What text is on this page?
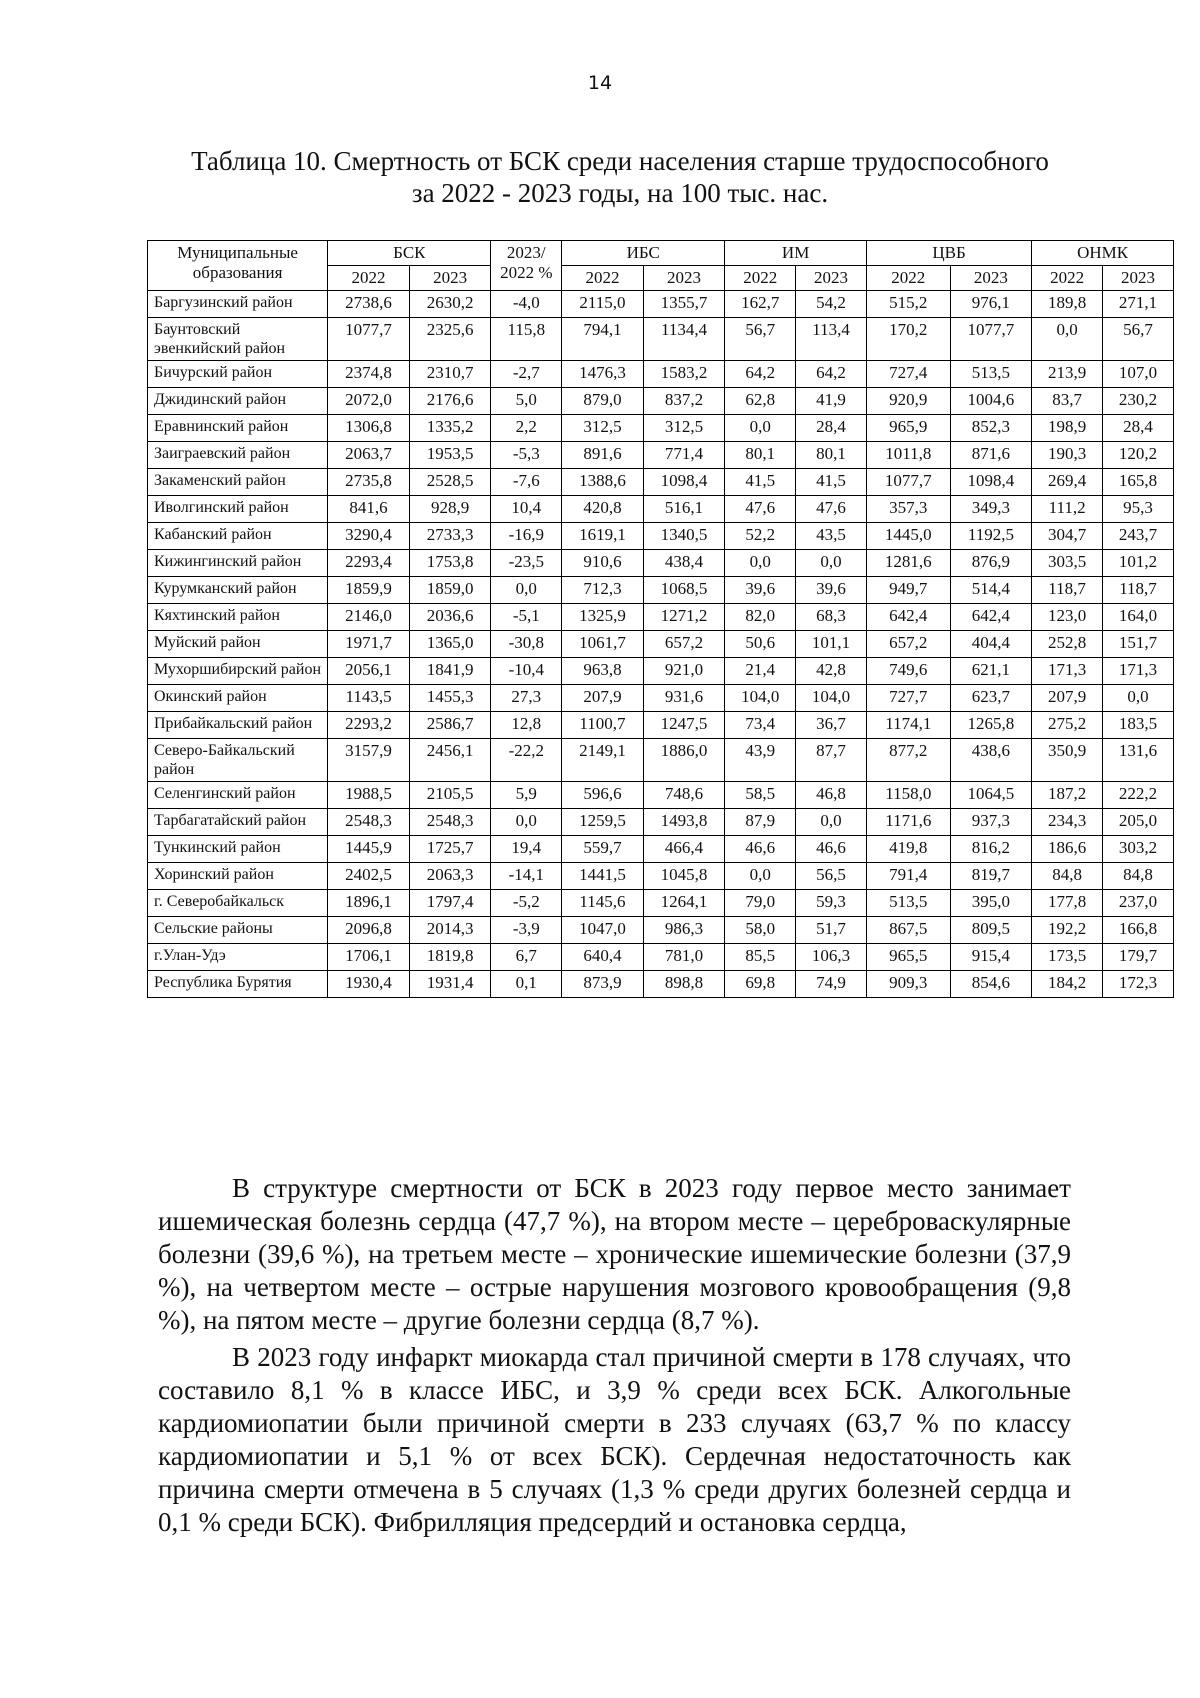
14
Таблица 10. Смертность от БСК среди населения старше трудоспособного
за 2022 - 2023 годы, на 100 тыс. нас.
Муниципальные образования	БСК		2023/ 2022 %	ИБС		ИМ		ЦВБ		ОНМК	
	2022	2023		2022	2023	2022	2023	2022	2023	2022	2023
Баргузинский район	2738,6	2630,2	-4,0	2115,0	1355,7	162,7	54,2	515,2	976,1	189,8	271,1
Баунтовский эвенкийский район	1077,7	2325,6	115,8	794,1	1134,4	56,7	113,4	170,2	1077,7	0,0	56,7
Бичурский район	2374,8	2310,7	-2,7	1476,3	1583,2	64,2	64,2	727,4	513,5	213,9	107,0
Джидинский район	2072,0	2176,6	5,0	879,0	837,2	62,8	41,9	920,9	1004,6	83,7	230,2
Еравнинский район	1306,8	1335,2	2,2	312,5	312,5	0,0	28,4	965,9	852,3	198,9	28,4
Заиграевский район	2063,7	1953,5	-5,3	891,6	771,4	80,1	80,1	1011,8	871,6	190,3	120,2
Закаменский район	2735,8	2528,5	-7,6	1388,6	1098,4	41,5	41,5	1077,7	1098,4	269,4	165,8
Иволгинский район	841,6	928,9	10,4	420,8	516,1	47,6	47,6	357,3	349,3	111,2	95,3
Кабанский район	3290,4	2733,3	-16,9	1619,1	1340,5	52,2	43,5	1445,0	1192,5	304,7	243,7
Кижингинский район	2293,4	1753,8	-23,5	910,6	438,4	0,0	0,0	1281,6	876,9	303,5	101,2
Курумканский район	1859,9	1859,0	0,0	712,3	1068,5	39,6	39,6	949,7	514,4	118,7	118,7
Кяхтинский район	2146,0	2036,6	-5,1	1325,9	1271,2	82,0	68,3	642,4	642,4	123,0	164,0
Муйский район	1971,7	1365,0	-30,8	1061,7	657,2	50,6	101,1	657,2	404,4	252,8	151,7
Мухоршибирский район	2056,1	1841,9	-10,4	963,8	921,0	21,4	42,8	749,6	621,1	171,3	171,3
Окинский район	1143,5	1455,3	27,3	207,9	931,6	104,0	104,0	727,7	623,7	207,9	0,0
Прибайкальский район	2293,2	2586,7	12,8	1100,7	1247,5	73,4	36,7	1174,1	1265,8	275,2	183,5
Северо-Байкальский район	3157,9	2456,1	-22,2	2149,1	1886,0	43,9	87,7	877,2	438,6	350,9	131,6
Селенгинский район	1988,5	2105,5	5,9	596,6	748,6	58,5	46,8	1158,0	1064,5	187,2	222,2
Тарбагатайский район	2548,3	2548,3	0,0	1259,5	1493,8	87,9	0,0	1171,6	937,3	234,3	205,0
Тункинский район	1445,9	1725,7	19,4	559,7	466,4	46,6	46,6	419,8	816,2	186,6	303,2
Хоринский район	2402,5	2063,3	-14,1	1441,5	1045,8	0,0	56,5	791,4	819,7	84,8	84,8
г. Северобайкальск	1896,1	1797,4	-5,2	1145,6	1264,1	79,0	59,3	513,5	395,0	177,8	237,0
Сельские районы	2096,8	2014,3	-3,9	1047,0	986,3	58,0	51,7	867,5	809,5	192,2	166,8
г.Улан-Удэ	1706,1	1819,8	6,7	640,4	781,0	85,5	106,3	965,5	915,4	173,5	179,7
Республика Бурятия	1930,4	1931,4	0,1	873,9	898,8	69,8	74,9	909,3	854,6	184,2	172,3

В структуре смертности от БСК в 2023 году первое место занимает ишемическая болезнь сердца (47,7 %), на втором месте – цереброваскулярные болезни (39,6 %), на третьем месте – хронические ишемические болезни (37,9 %), на четвертом месте – острые нарушения мозгового кровообращения (9,8 %), на пятом месте – другие болезни сердца (8,7 %).

В 2023 году инфаркт миокарда стал причиной смерти в 178 случаях, что составило 8,1 % в классе ИБС, и 3,9 % среди всех БСК. Алкогольные кардиомиопатии были причиной смерти в 233 случаях (63,7 % по классу кардиомиопатии и 5,1 % от всех БСК). Сердечная недостаточность как причина смерти отмечена в 5 случаях (1,3 % среди других болезней сердца и 0,1 % среди БСК). Фибрилляция предсердий и остановка сердца,
